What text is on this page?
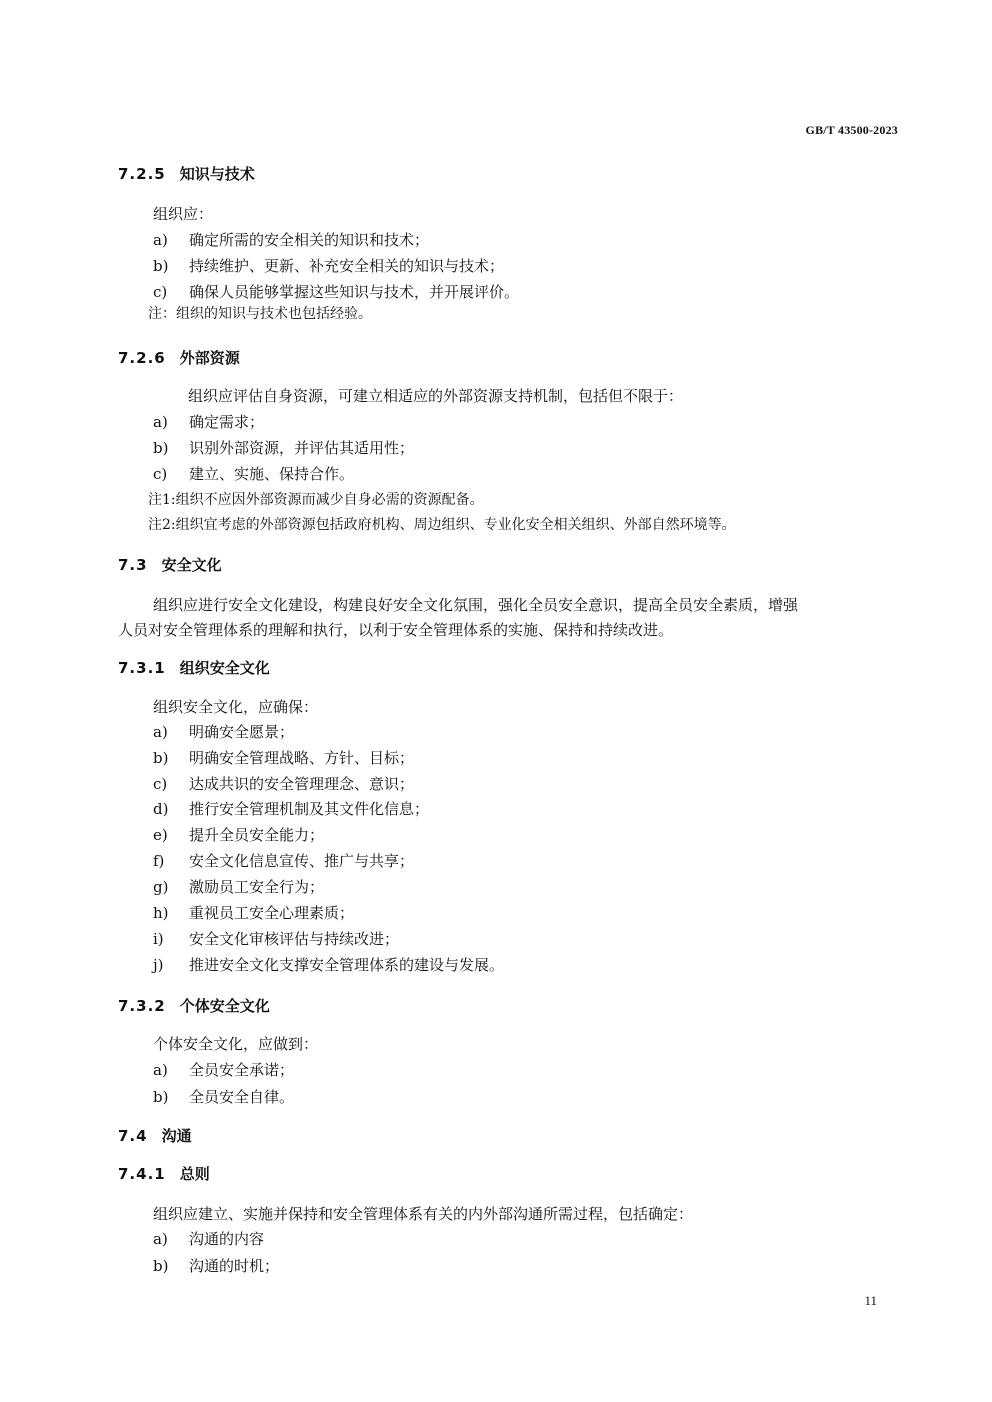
GB/T 43500-2023
7.2.5 知识与技术
组织应：
a) 确定所需的安全相关的知识和技术；
b) 持续维护、更新、补充安全相关的知识与技术；
c) 确保人员能够掌握这些知识与技术，并开展评价。
注：组织的知识与技术也包括经验。
7.2.6 外部资源
组织应评估自身资源，可建立相适应的外部资源支持机制，包括但不限于：
a) 确定需求；
b) 识别外部资源，并评估其适用性；
c) 建立、实施、保持合作。
注1:组织不应因外部资源而减少自身必需的资源配备。
注2:组织宜考虑的外部资源包括政府机构、周边组织、专业化安全相关组织、外部自然环境等。
7.3 安全文化
组织应进行安全文化建设，构建良好安全文化氛围，强化全员安全意识，提高全员安全素质，增强
人员对安全管理体系的理解和执行，以利于安全管理体系的实施、保持和持续改进。
7.3.1 组织安全文化
组织安全文化，应确保：
a) 明确安全愿景；
b) 明确安全管理战略、方针、目标；
c) 达成共识的安全管理理念、意识；
d) 推行安全管理机制及其文件化信息；
e) 提升全员安全能力；
f) 安全文化信息宣传、推广与共享；
g) 激励员工安全行为；
h) 重视员工安全心理素质；
i) 安全文化审核评估与持续改进；
j) 推进安全文化支撑安全管理体系的建设与发展。
7.3.2 个体安全文化
个体安全文化，应做到：
a) 全员安全承诺；
b) 全员安全自律。
7.4 沟通
7.4.1 总则
组织应建立、实施并保持和安全管理体系有关的内外部沟通所需过程，包括确定：
a) 沟通的内容
b) 沟通的时机；
11
